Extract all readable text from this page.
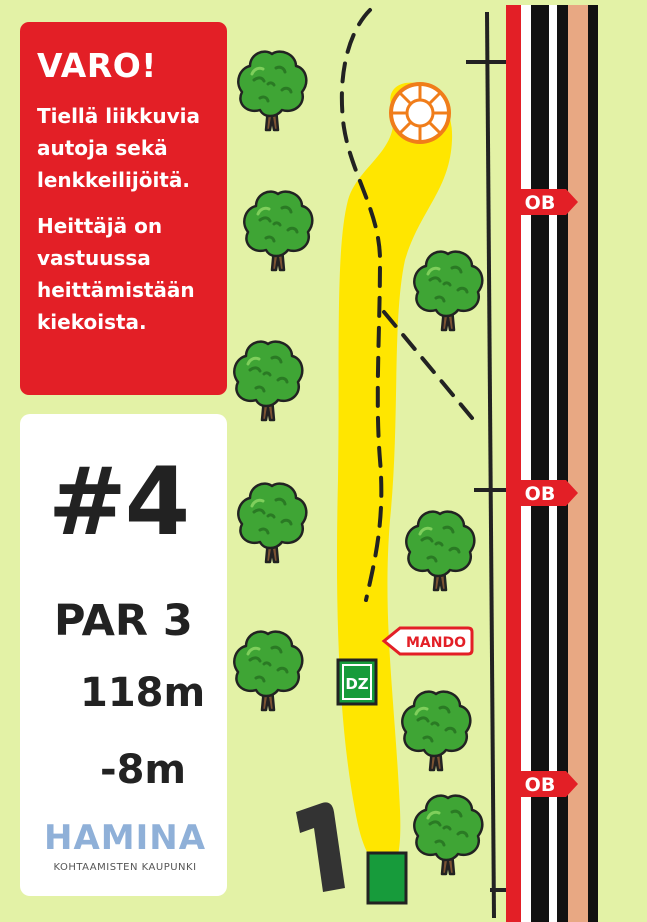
OB
OB
OB
MANDO
DZ
VARO!
Tiellä liikkuvia
autoja sekä
lenkkeilijöitä.
Heittäjä on
vastuussa
heittämistään
kiekoista.
#4
PAR 3
118m
-8m
HAMINA
KOHTAAMISTEN KAUPUNKI
